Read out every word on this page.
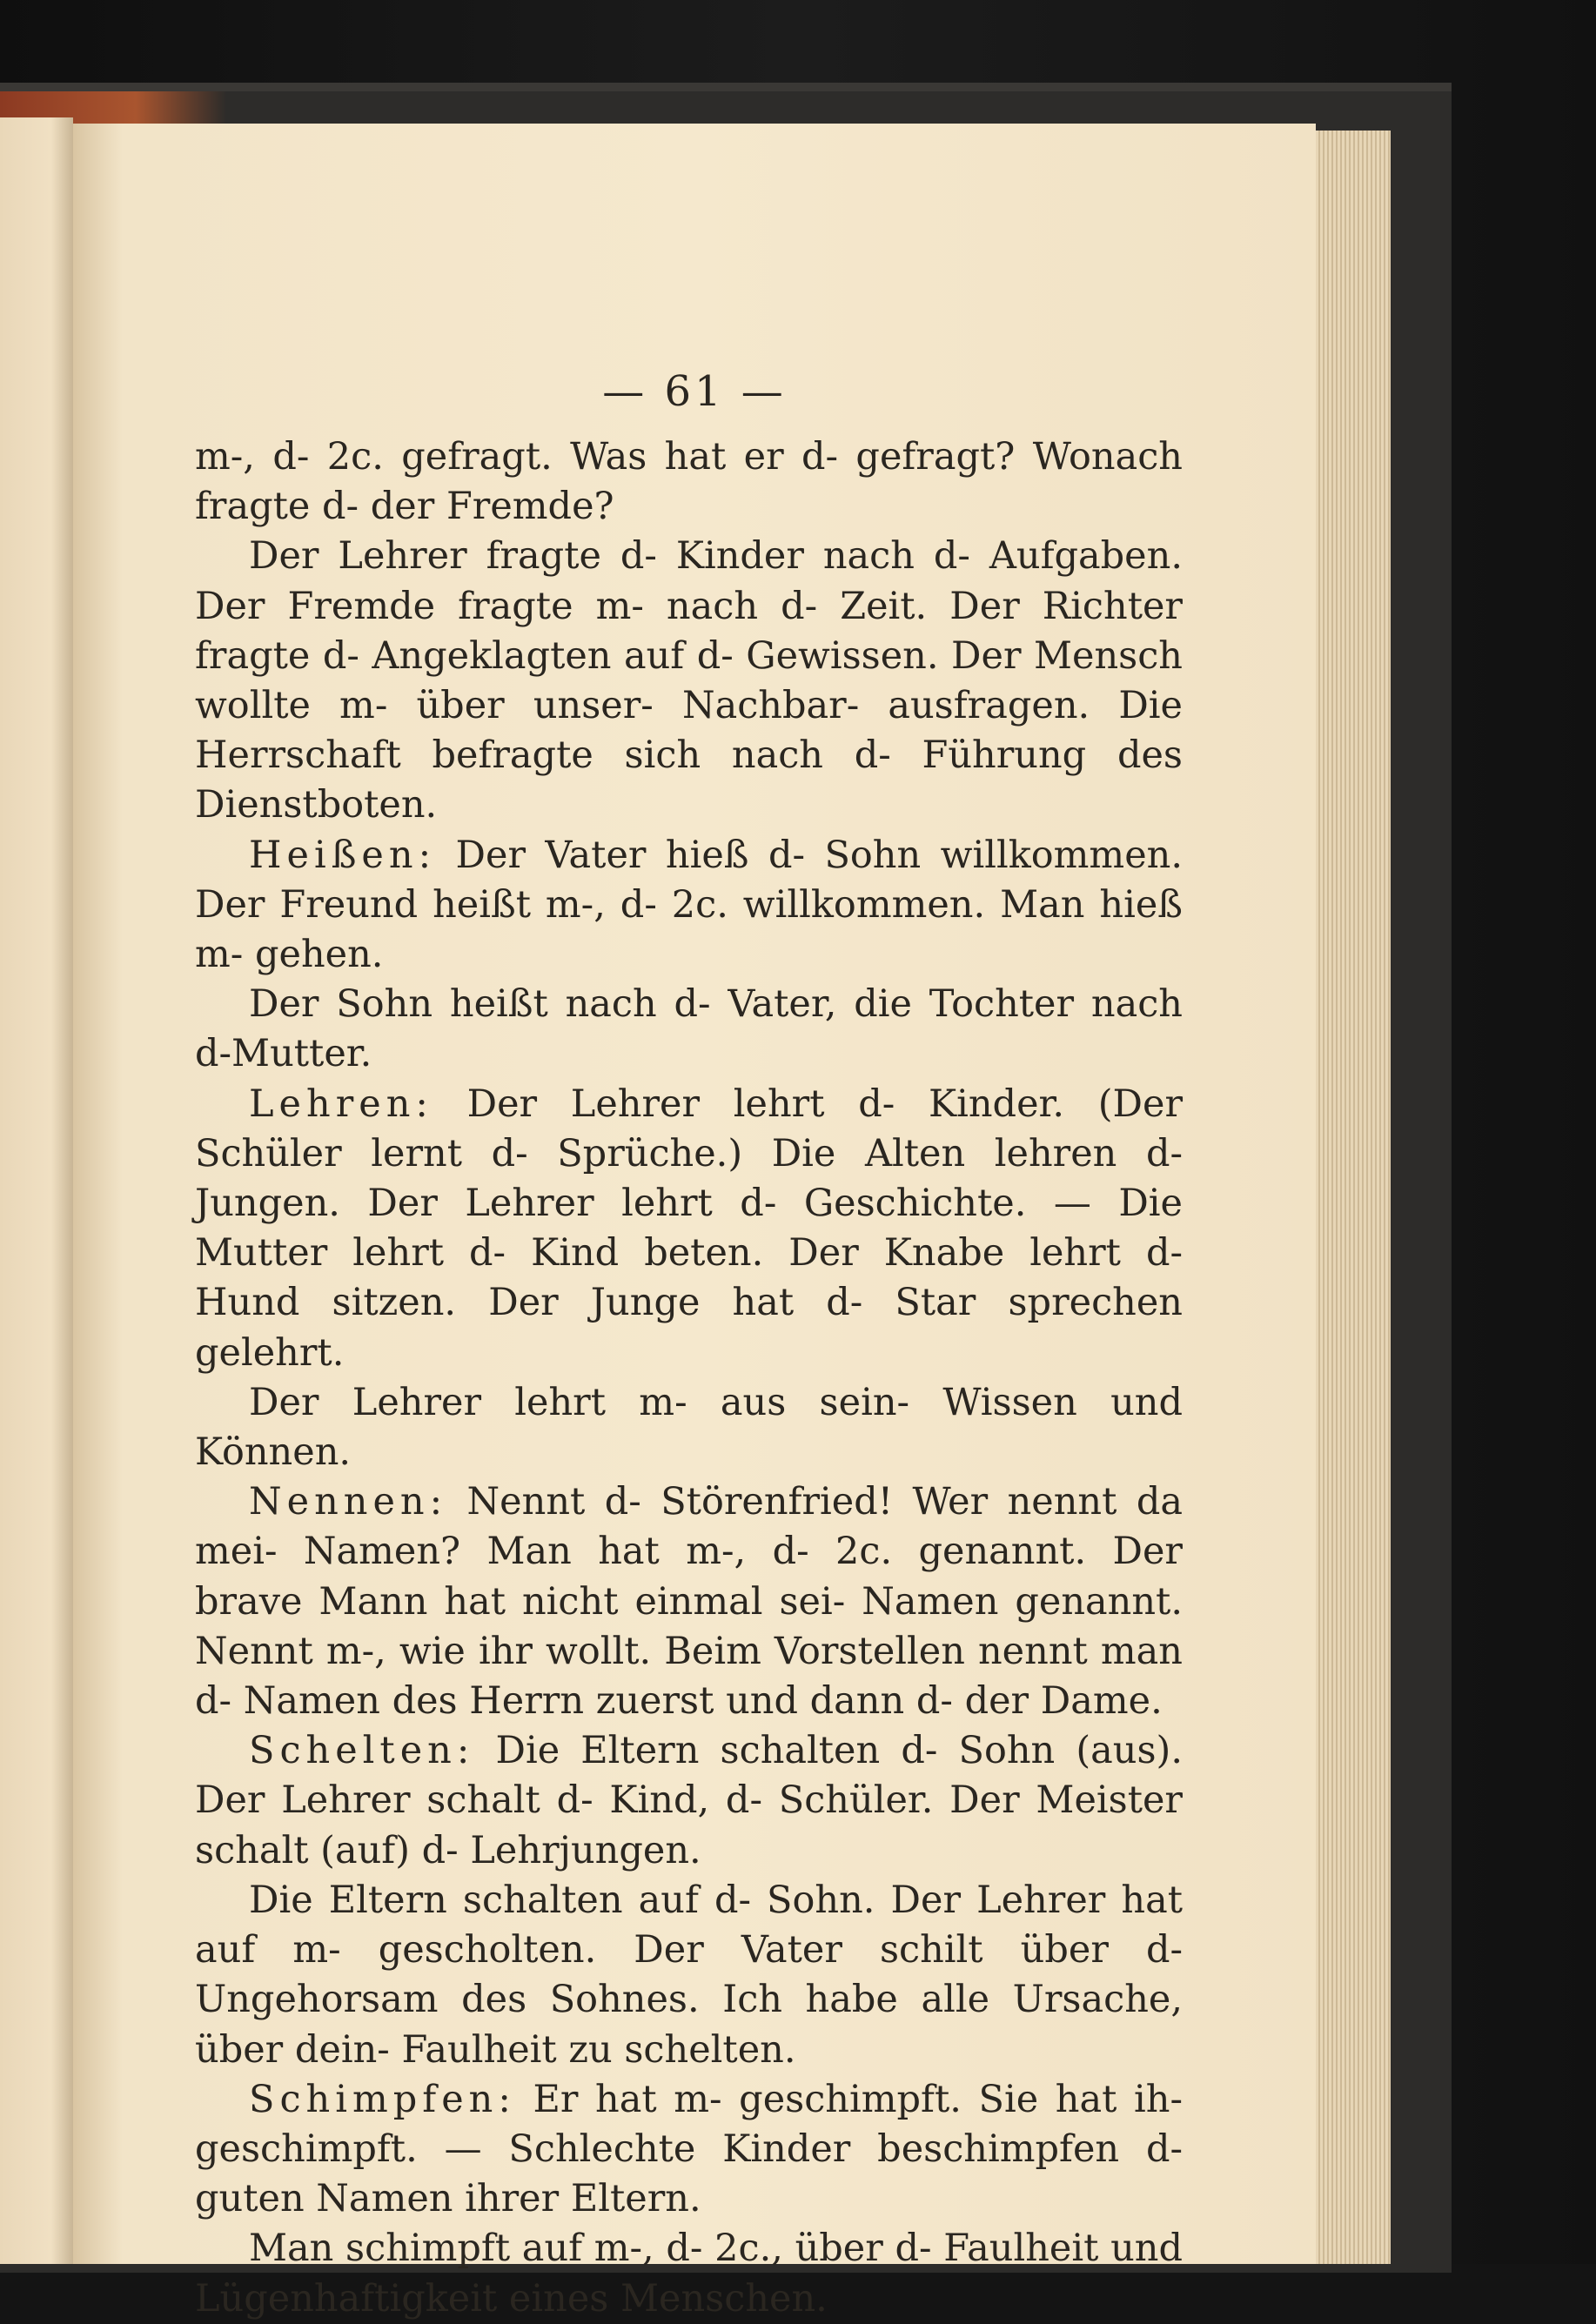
— 61 —

m-, d- 2c. gefragt. Was hat er d- gefragt? Wonach fragte d- der Fremde?

Der Lehrer fragte d- Kinder nach d- Aufgaben. Der Fremde fragte m- nach d- Zeit. Der Richter fragte d- Angeklagten auf d- Gewissen. Der Mensch wollte m- über unser- Nachbar- ausfragen. Die Herrschaft befragte sich nach d- Führung des Dienstboten.

Heißen: Der Vater hieß d- Sohn willkommen. Der Freund heißt m-, d- 2c. willkommen. Man hieß m- gehen.

Der Sohn heißt nach d- Vater, die Tochter nach d-Mutter.

Lehren: Der Lehrer lehrt d- Kinder. (Der Schüler lernt d- Sprüche.) Die Alten lehren d- Jungen. Der Lehrer lehrt d- Geschichte. — Die Mutter lehrt d- Kind beten. Der Knabe lehrt d- Hund sitzen. Der Junge hat d- Star sprechen gelehrt.

Der Lehrer lehrt m- aus sein- Wissen und Können.

Nennen: Nennt d- Störenfried! Wer nennt da mei- Namen? Man hat m-, d- 2c. genannt. Der brave Mann hat nicht einmal sei- Namen genannt. Nennt m-, wie ihr wollt. Beim Vorstellen nennt man d- Namen des Herrn zuerst und dann d- der Dame.

Schelten: Die Eltern schalten d- Sohn (aus). Der Lehrer schalt d- Kind, d- Schüler. Der Meister schalt (auf) d- Lehrjungen.

Die Eltern schalten auf d- Sohn. Der Lehrer hat auf m- gescholten. Der Vater schilt über d- Ungehorsam des Sohnes. Ich habe alle Ursache, über dein- Faulheit zu schelten.

Schimpfen: Er hat m- geschimpft. Sie hat ih- geschimpft. — Schlechte Kinder beschimpfen d- guten Namen ihrer Eltern.

Man schimpft auf m-, d- 2c., über d- Faulheit und Lügenhaftigkeit eines Menschen.
